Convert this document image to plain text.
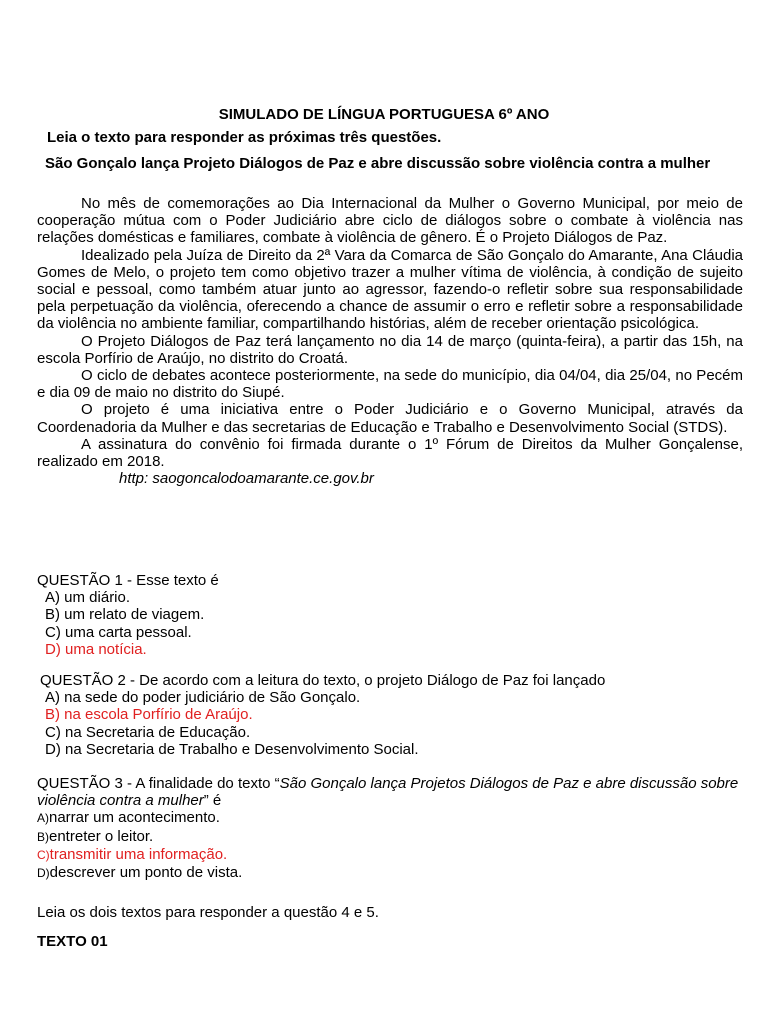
SIMULADO DE LÍNGUA PORTUGUESA 6º ANO
Leia o texto para responder as próximas três questões.
São Gonçalo lança Projeto Diálogos de Paz e abre discussão sobre violência contra a mulher
No mês de comemorações ao Dia Internacional da Mulher o Governo Municipal, por meio de cooperação mútua com o Poder Judiciário abre ciclo de diálogos sobre o combate à violência nas relações domésticas e familiares, combate à violência de gênero. É o Projeto Diálogos de Paz.
Idealizado pela Juíza de Direito da 2ª Vara da Comarca de São Gonçalo do Amarante, Ana Cláudia Gomes de Melo, o projeto tem como objetivo trazer a mulher vítima de violência, à condição de sujeito social e pessoal, como também atuar junto ao agressor, fazendo-o refletir sobre sua responsabilidade pela perpetuação da violência, oferecendo a chance de assumir o erro e refletir sobre a responsabilidade da violência no ambiente familiar, compartilhando histórias, além de receber orientação psicológica.
O Projeto Diálogos de Paz terá lançamento no dia 14 de março (quinta-feira), a partir das 15h, na escola Porfírio de Araújo, no distrito do Croatá.
O ciclo de debates acontece posteriormente, na sede do município, dia 04/04, dia 25/04, no Pecém e dia 09 de maio no distrito do Siupé.
O projeto é uma iniciativa entre o Poder Judiciário e o Governo Municipal, através da Coordenadoria da Mulher e das secretarias de Educação e Trabalho e Desenvolvimento Social (STDS).
A assinatura do convênio foi firmada durante o 1º Fórum de Direitos da Mulher Gonçalense, realizado em 2018.
http: saogoncalodoamarante.ce.gov.br
QUESTÃO 1 - Esse texto é
A) um diário.
B) um relato de viagem.
C) uma carta pessoal.
D) uma notícia.
QUESTÃO 2 - De acordo com a leitura do texto, o projeto Diálogo de Paz foi lançado
A) na sede do poder judiciário de São Gonçalo.
B) na escola Porfírio de Araújo.
C) na Secretaria de Educação.
D) na Secretaria de Trabalho e Desenvolvimento Social.
QUESTÃO 3 - A finalidade do texto “São Gonçalo lança Projetos Diálogos de Paz e abre discussão sobre violência contra a mulher” é
A)narrar um acontecimento.
B)entreter o leitor.
C)transmitir uma informação.
D)descrever um ponto de vista.
Leia os dois textos para responder a questão 4 e 5.
TEXTO 01
